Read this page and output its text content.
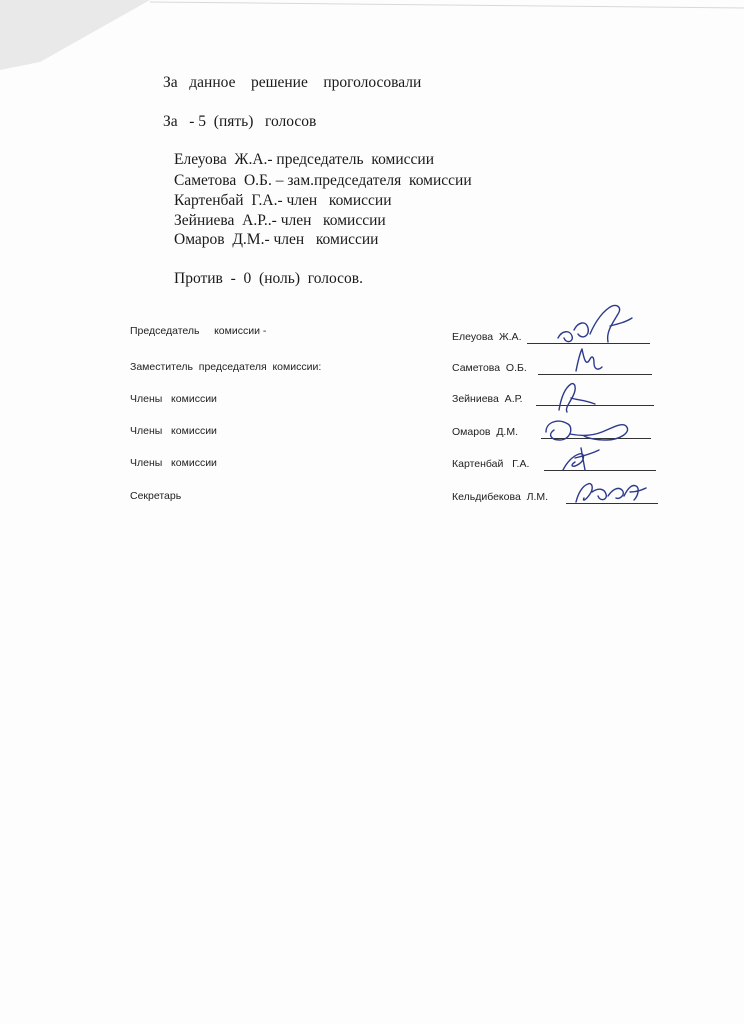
За   данное    решение    проголосовали
За   - 5  (пять)   голосов
Елеуова  Ж.А.- председатель  комиссии
Саметова  О.Б. – зам.председателя  комиссии
Картенбай  Г.А.- член   комиссии
Зейниева  А.Р..- член   комиссии
Омаров  Д.М.- член   комиссии
Против  -  0  (ноль)  голосов.
Председатель     комиссии -	Елеуова  Ж.А.
Заместитель  председателя  комиссии:	Саметова  О.Б.
Члены   комиссии	Зейниева  А.Р.
Члены   комиссии	Омаров  Д.М.
Члены   комиссии	Картенбай   Г.А.
Секретарь	Кельдибекова  Л.М.
